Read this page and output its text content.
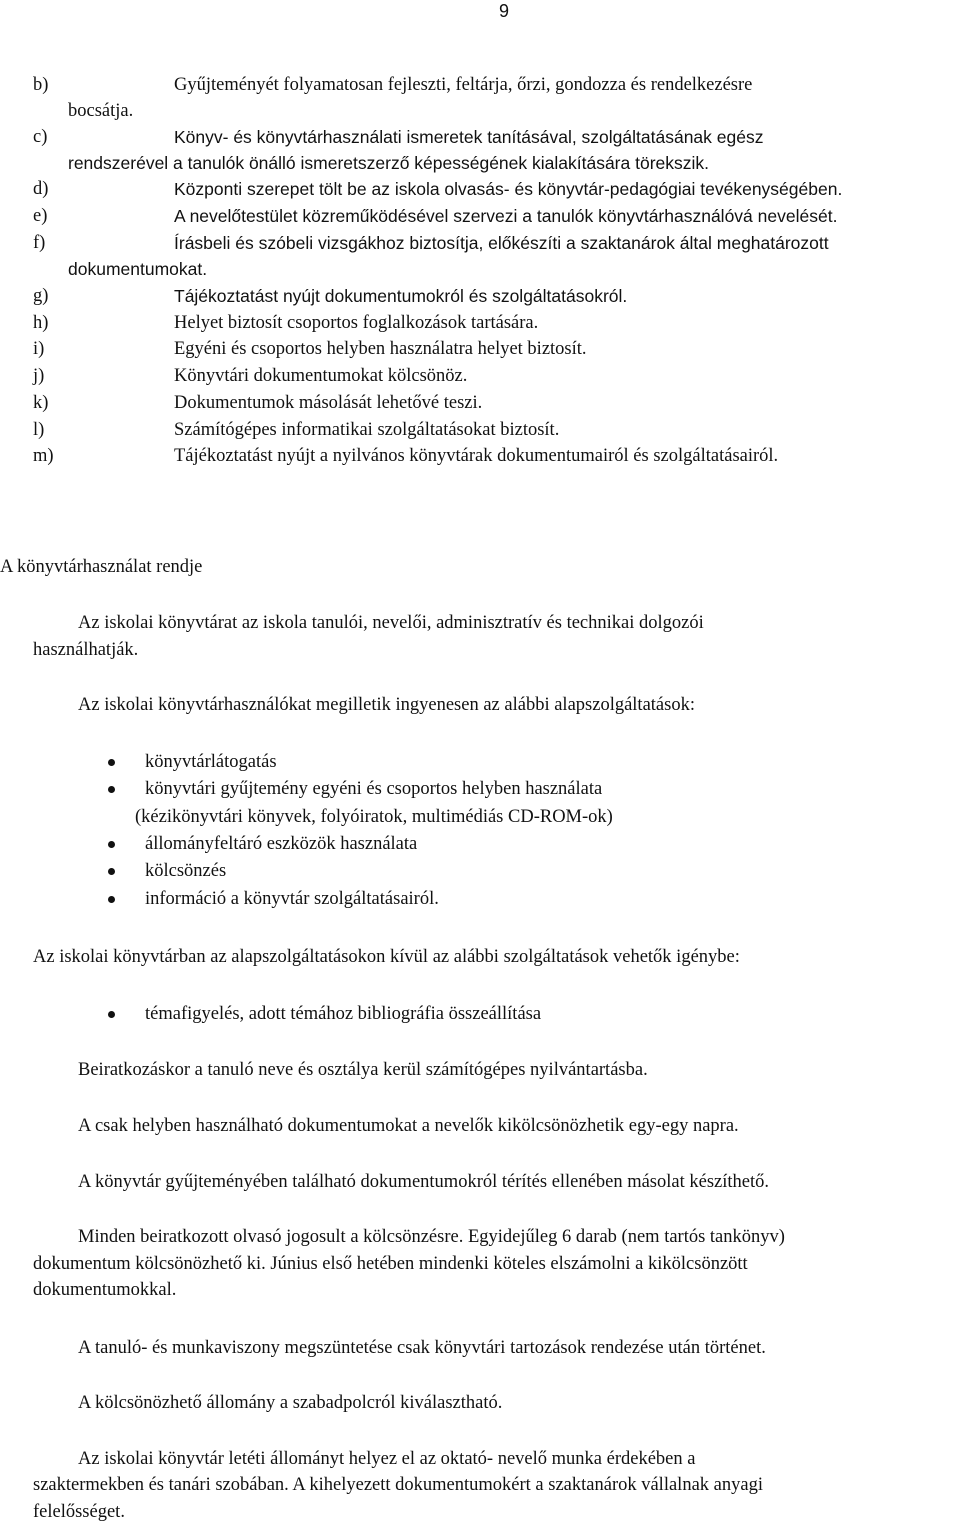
9
b)	Gyűjteményét folyamatosan fejleszti, feltárja, őrzi, gondozza és rendelkezésre
bocsátja.
c)	Könyv- és könyvtárhasználati ismeretek tanításával, szolgáltatásának egész
rendszerével a tanulók önálló ismeretszerző képességének kialakítására törekszik.
d)	Központi szerepet tölt be az iskola olvasás- és könyvtár-pedagógiai tevékenységében.
e)	A nevelőtestület közreműködésével szervezi a tanulók könyvtárhasználóvá nevelését.
f)	Írásbeli és szóbeli vizsgákhoz biztosítja, előkészíti a szaktanárok által meghatározott
dokumentumokat.
g)	Tájékoztatást nyújt dokumentumokról és szolgáltatásokról.
h)	Helyet biztosít csoportos foglalkozások tartására.
i)	Egyéni és csoportos helyben használatra helyet biztosít.
j)	Könyvtári dokumentumokat kölcsönöz.
k)	Dokumentumok másolását lehetővé teszi.
l)	Számítógépes informatikai szolgáltatásokat biztosít.
m)	Tájékoztatást nyújt a nyilvános könyvtárak dokumentumairól és szolgáltatásairól.
A könyvtárhasználat rendje
Az iskolai könyvtárat az iskola tanulói, nevelői, adminisztratív és technikai dolgozói
használhatják.
Az iskolai könyvtárhasználókat megilletik ingyenesen az alábbi alapszolgáltatások:
könyvtárlátogatás
könyvtári gyűjtemény egyéni és csoportos helyben használata
(kézikönyvtári könyvek, folyóiratok, multimédiás CD-ROM-ok)
állományfeltáró eszközök használata
kölcsönzés
információ a könyvtár szolgáltatásairól.
Az iskolai könyvtárban az alapszolgáltatásokon kívül az alábbi szolgáltatások vehetők igénybe:
témafigyelés, adott témához bibliográfia összeállítása
Beiratkozáskor a tanuló neve és osztálya kerül számítógépes nyilvántartásba.
A csak helyben használható dokumentumokat a nevelők kikölcsönözhetik egy-egy napra.
A könyvtár gyűjteményében található dokumentumokról térítés ellenében másolat készíthető.
Minden beiratkozott olvasó jogosult a kölcsönzésre. Egyidejűleg 6 darab (nem tartós tankönyv)
dokumentum kölcsönözhető ki. Június első hetében mindenki köteles elszámolni a kikölcsönzött
dokumentumokkal.
A tanuló- és munkaviszony megszüntetése csak könyvtári tartozások rendezése után történet.
A kölcsönözhető állomány a szabadpolcról kiválasztható.
Az iskolai könyvtár letéti állományt helyez el az oktató- nevelő munka érdekében a
szaktermekben és tanári szobában. A kihelyezett dokumentumokért a szaktanárok vállalnak anyagi
felelősséget.
